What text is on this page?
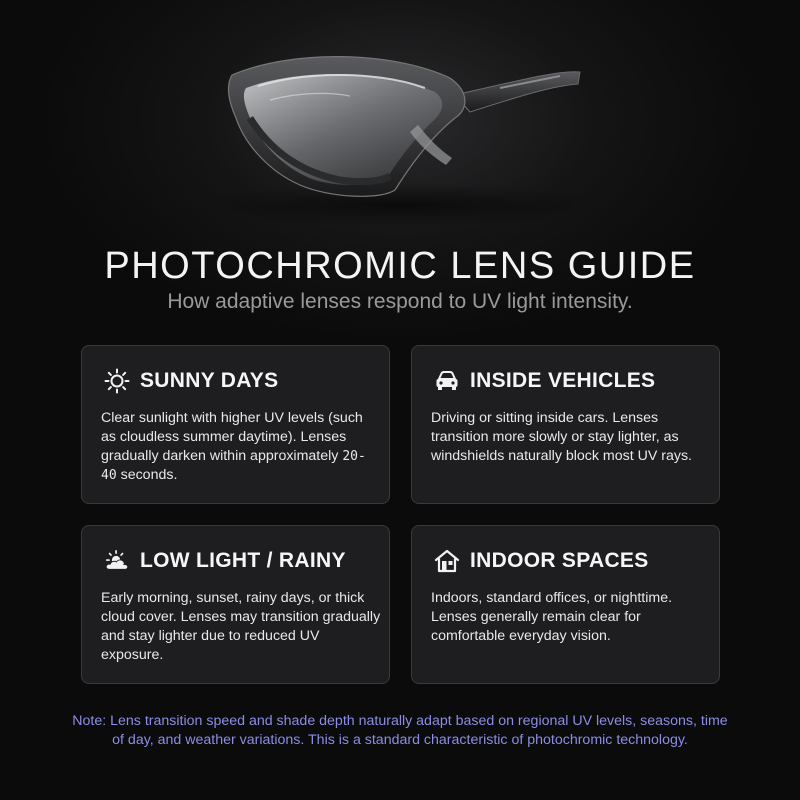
PHOTOCHROMIC LENS GUIDE
How adaptive lenses respond to UV light intensity.
SUNNY DAYS
Clear sunlight with higher UV levels (such as cloudless summer daytime). Lenses gradually darken within approximately 20-40 seconds.
INSIDE VEHICLES
Driving or sitting inside cars. Lenses transition more slowly or stay lighter, as windshields naturally block most UV rays.
LOW LIGHT / RAINY
Early morning, sunset, rainy days, or thick cloud cover. Lenses may transition gradually and stay lighter due to reduced UV exposure.
INDOOR SPACES
Indoors, standard offices, or nighttime. Lenses generally remain clear for comfortable everyday vision.
Note: Lens transition speed and shade depth naturally adapt based on regional UV levels, seasons, time of day, and weather variations. This is a standard characteristic of photochromic technology.
